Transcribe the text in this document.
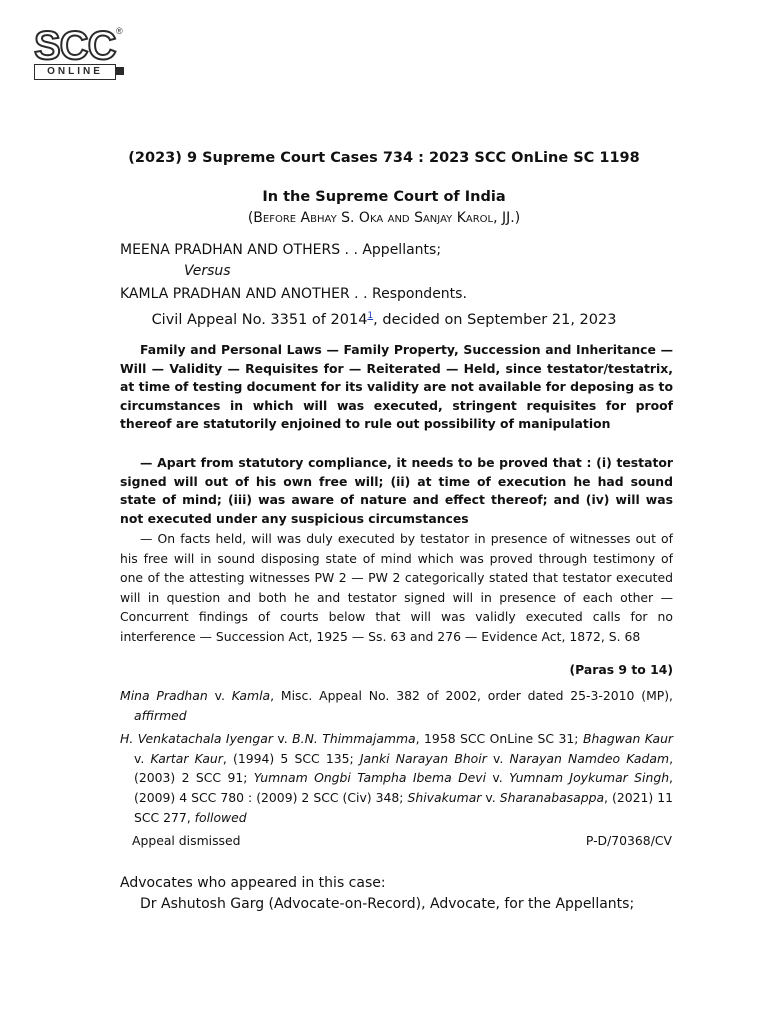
SCC ®
ONLINE
(2023) 9 Supreme Court Cases 734 : 2023 SCC OnLine SC 1198
In the Supreme Court of India
(Before Abhay S. Oka and Sanjay Karol, JJ.)
MEENA PRADHAN AND OTHERS . . Appellants;
Versus
KAMLA PRADHAN AND ANOTHER . . Respondents.
Civil Appeal No. 3351 of 2014$^1$, decided on September 21, 2023
Family and Personal Laws — Family Property, Succession and Inheritance — Will — Validity — Requisites for — Reiterated — Held, since testator/testatrix, at time of testing document for its validity are not available for deposing as to circumstances in which will was executed, stringent requisites for proof thereof are statutorily enjoined to rule out possibility of manipulation
— Apart from statutory compliance, it needs to be proved that : (i) testator signed will out of his own free will; (ii) at time of execution he had sound state of mind; (iii) was aware of nature and effect thereof; and (iv) will was not executed under any suspicious circumstances
— On facts held, will was duly executed by testator in presence of witnesses out of his free will in sound disposing state of mind which was proved through testimony of one of the attesting witnesses PW 2 — PW 2 categorically stated that testator executed will in question and both he and testator signed will in presence of each other — Concurrent findings of courts below that will was validly executed calls for no interference — Succession Act, 1925 — Ss. 63 and 276 — Evidence Act, 1872, S. 68
(Paras 9 to 14)
Mina Pradhan v. Kamla, Misc. Appeal No. 382 of 2002, order dated 25-3-2010 (MP), affirmed
H. Venkatachala Iyengar v. B.N. Thimmajamma, 1958 SCC OnLine SC 31; Bhagwan Kaur v. Kartar Kaur, (1994) 5 SCC 135; Janki Narayan Bhoir v. Narayan Namdeo Kadam, (2003) 2 SCC 91; Yumnam Ongbi Tampha Ibema Devi v. Yumnam Joykumar Singh, (2009) 4 SCC 780 : (2009) 2 SCC (Civ) 348; Shivakumar v. Sharanabasappa, (2021) 11 SCC 277, followed
Appeal dismissed	P-D/70368/CV
Advocates who appeared in this case:
Dr Ashutosh Garg (Advocate-on-Record), Advocate, for the Appellants;
